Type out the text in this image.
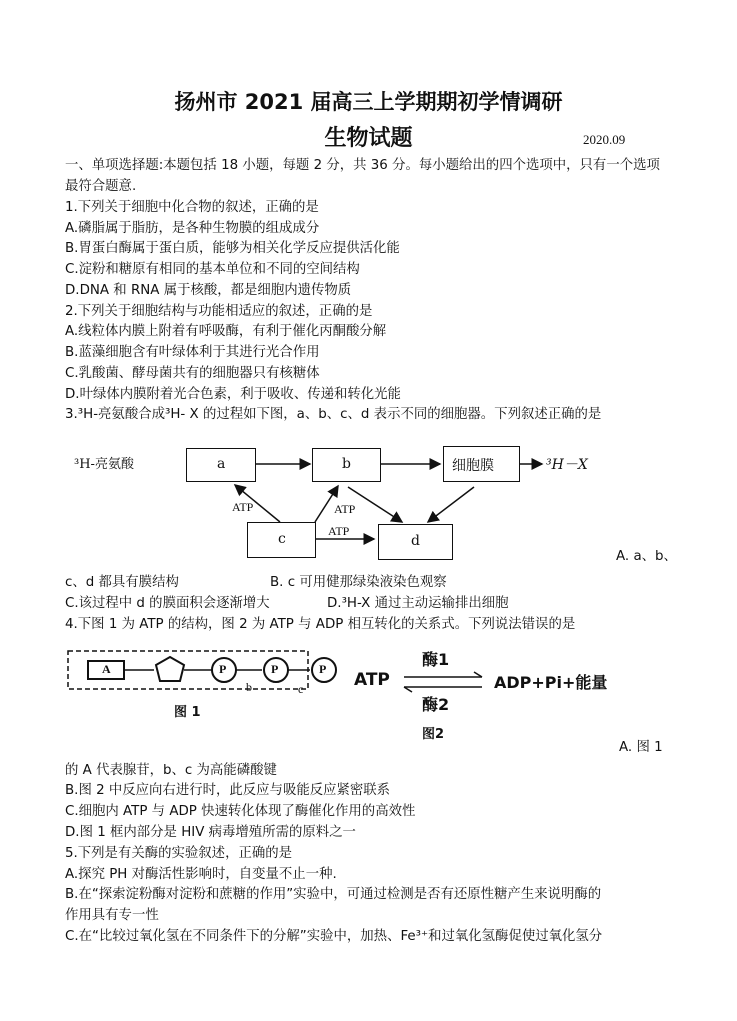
扬州市 2021 届高三上学期期初学情调研
生物试题	2020.09
一、单项选择题:本题包括 18 小题，每题 2 分，共 36 分。每小题给出的四个选项中，只有一个选项
最符合题意.
1.下列关于细胞中化合物的叙述，正确的是
A.磷脂属于脂肪，是各种生物膜的组成成分
B.胃蛋白酶属于蛋白质，能够为相关化学反应提供活化能
C.淀粉和糖原有相同的基本单位和不同的空间结构
D.DNA 和 RNA 属于核酸，都是细胞内遗传物质
2.下列关于细胞结构与功能相适应的叙述，正确的是
A.线粒体内膜上附着有呼吸酶，有利于催化丙酮酸分解
B.蓝藻细胞含有叶绿体利于其进行光合作用
C.乳酸菌、酵母菌共有的细胞器只有核糖体
D.叶绿体内膜附着光合色素，利于吸收、传递和转化光能
3.³H-亮氨酸合成³H- X 的过程如下图，a、b、c、d 表示不同的细胞器。下列叙述正确的是
³H-亮氨酸	a	b	细胞膜	³H－X
c	d
ATP	ATP
ATP
A. a、b、
c、d 都具有膜结构	B. c 可用健那绿染液染色观察
C.该过程中 d 的膜面积会逐渐增大	D.³H-X 通过主动运输排出细胞
4.下图 1 为 ATP 的结构，图 2 为 ATP 与 ADP 相互转化的关系式。下列说法错误的是
A	P	P	P
b	c
图 1
ATP
酶1
酶2
ADP+Pi+能量
图2
A. 图 1
的 A 代表腺苷，b、c 为高能磷酸键
B.图 2 中反应向右进行时，此反应与吸能反应紧密联系
C.细胞内 ATP 与 ADP 快速转化体现了酶催化作用的高效性
D.图 1 框内部分是 HIV 病毒增殖所需的原料之一
5.下列是有关酶的实验叙述，正确的是
A.探究 PH 对酶活性影响时，自变量不止一种.
B.在“探索淀粉酶对淀粉和蔗糖的作用”实验中，可通过检测是否有还原性糖产生来说明酶的
作用具有专一性
C.在“比较过氧化氢在不同条件下的分解”实验中，加热、Fe³⁺和过氧化氢酶促使过氧化氢分
